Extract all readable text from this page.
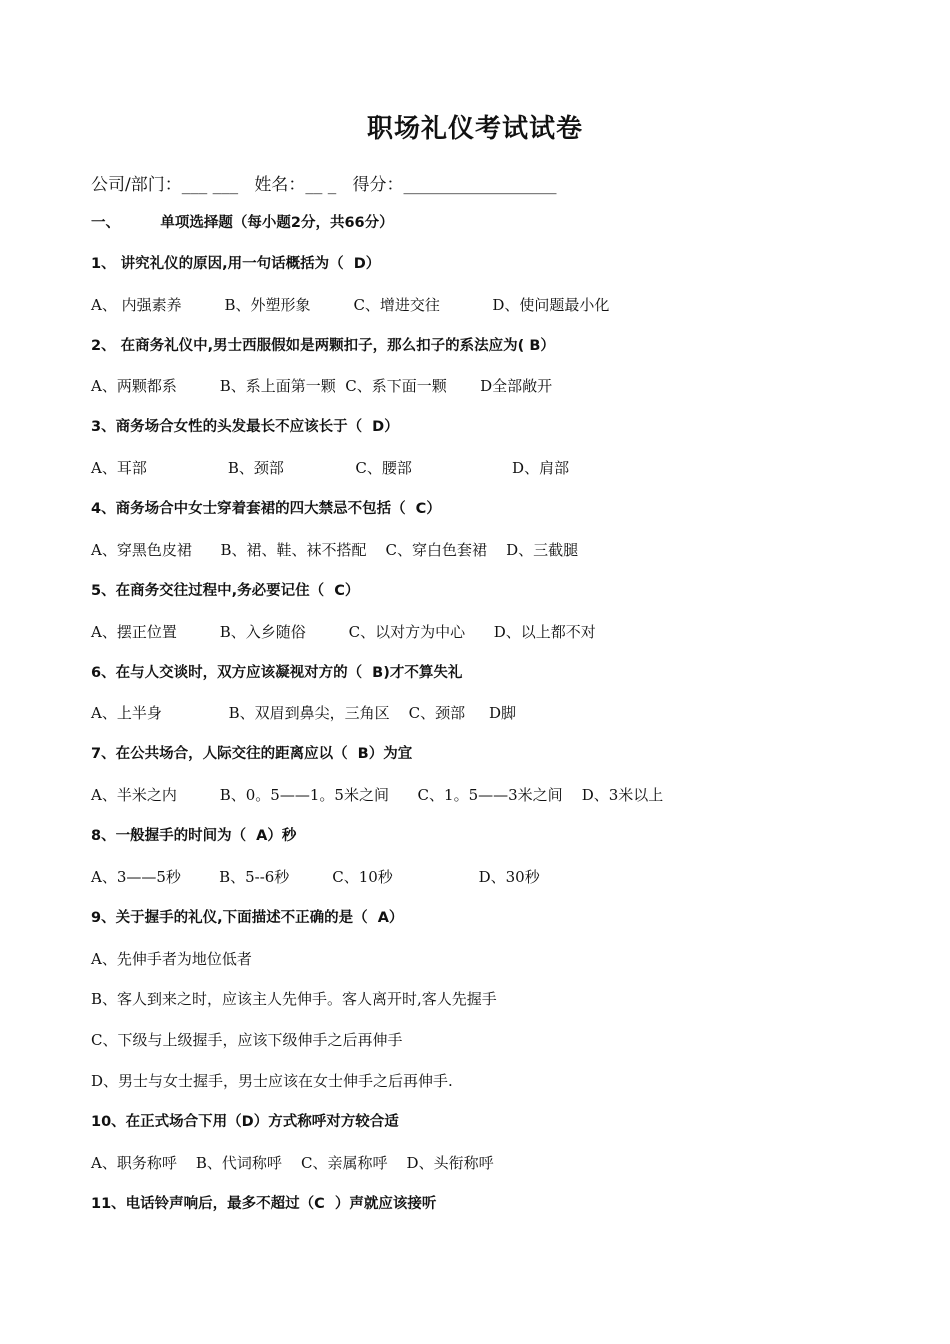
职场礼仪考试试卷
公司/部门：___ ___   姓名：__ _   得分：__________________
一、        单项选择题（每小题2分，共66分）
1、 讲究礼仪的原因,用一句话概括为（  D）
A、 内强素养         B、外塑形象         C、增进交往           D、使问题最小化
2、 在商务礼仪中,男士西服假如是两颗扣子，那么扣子的系法应为( B）
A、两颗都系         B、系上面第一颗  C、系下面一颗       D全部敞开
3、商务场合女性的头发最长不应该长于（  D）
A、耳部                 B、颈部               C、腰部                     D、肩部
4、商务场合中女士穿着套裙的四大禁忌不包括（  C）
A、穿黑色皮裙      B、裙、鞋、袜不搭配    C、穿白色套裙    D、三截腿
5、在商务交往过程中,务必要记住（  C）
A、摆正位置         B、入乡随俗         C、以对方为中心      D、以上都不对
6、在与人交谈时，双方应该凝视对方的（  B)才不算失礼
A、上半身              B、双眉到鼻尖，三角区    C、颈部     D脚
7、在公共场合，人际交往的距离应以（  B）为宜
A、半米之内         B、0。5——1。5米之间      C、1。5——3米之间    D、3米以上
8、一般握手的时间为（  A）秒
A、3——5秒        B、5--6秒         C、10秒                  D、30秒
9、关于握手的礼仪,下面描述不正确的是（  A）
A、先伸手者为地位低者
B、客人到来之时，应该主人先伸手。客人离开时,客人先握手
C、下级与上级握手，应该下级伸手之后再伸手
D、男士与女士握手，男士应该在女士伸手之后再伸手.
10、在正式场合下用（D）方式称呼对方较合适
A、职务称呼    B、代词称呼    C、亲属称呼    D、头衔称呼
11、电话铃声响后，最多不超过（C  ）声就应该接听
